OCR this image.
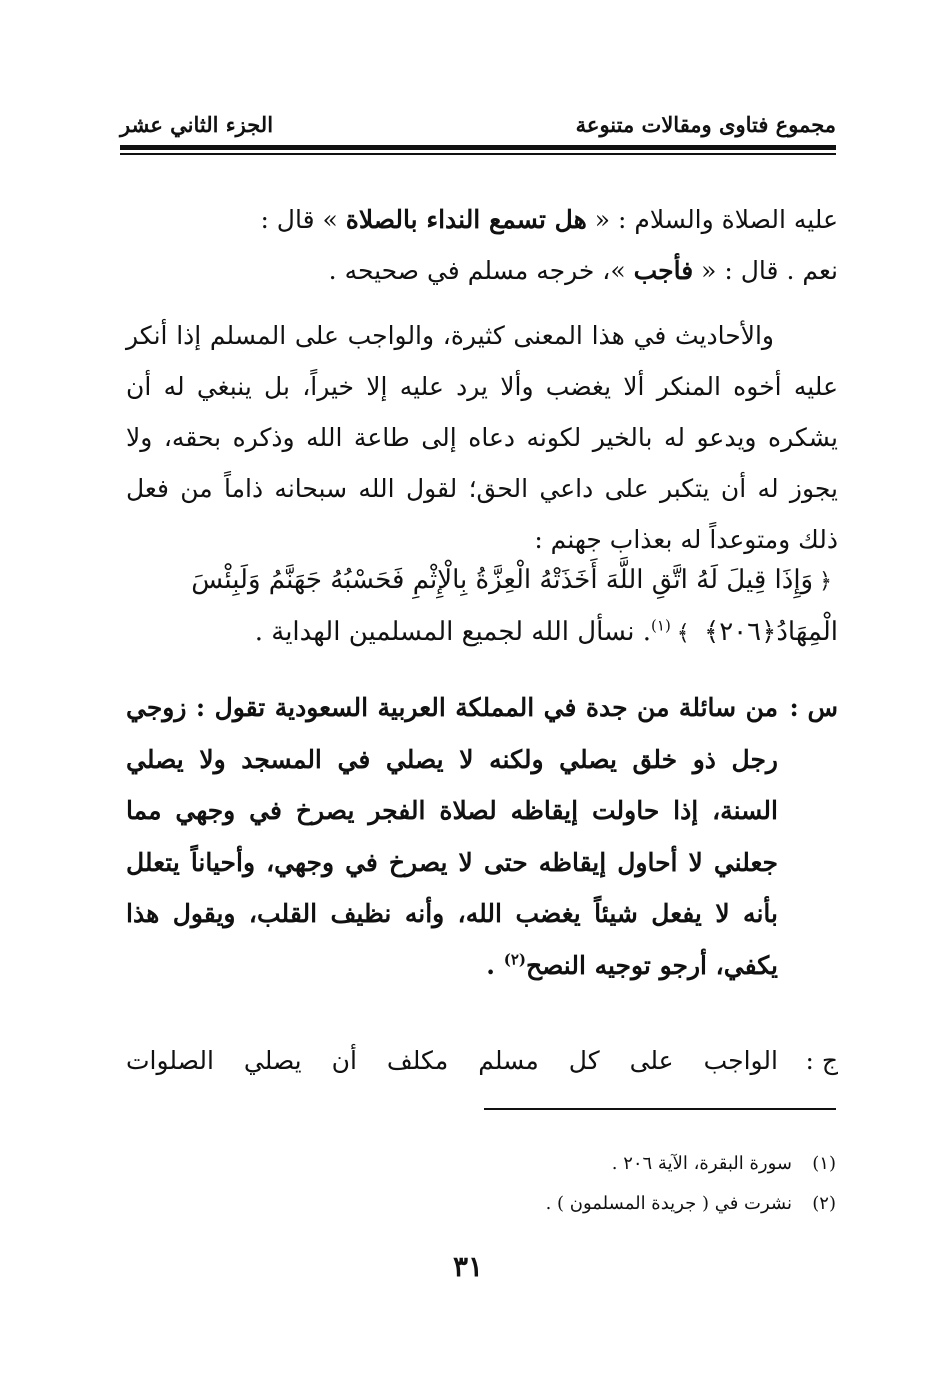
مجموع فتاوى ومقالات متنوعة
الجزء الثاني عشر

عليه الصلاة والسلام : « هل تسمع النداء بالصلاة » قال :

نعم . قال : « فأجب »، خرجه مسلم في صحيحه .

والأحاديث في هذا المعنى كثيرة، والواجب على المسلم إذا أنكر عليه أخوه المنكر ألا يغضب وألا يرد عليه إلا خيراً، بل ينبغي له أن يشكره ويدعو له بالخير لكونه دعاه إلى طاعة الله وذكره بحقه، ولا يجوز له أن يتكبر على داعي الحق؛ لقول الله سبحانه ذاماً من فعل ذلك ومتوعداً له بعذاب جهنم :

﴿وَإِذَا قِيلَ لَهُ اتَّقِ اللَّهَ أَخَذَتْهُ الْعِزَّةُ بِالْإِثْمِ فَحَسْبُهُ جَهَنَّمُ وَلَبِئْسَ
الْمِهَادُ﴿٢٠٦﴾ ﴾$^{(١)}$. نسأل الله لجميع المسلمين الهداية .
س :
من سائلة من جدة في المملكة العربية السعودية تقول : زوجي رجل ذو خلق يصلي ولكنه لا يصلي في المسجد ولا يصلي السنة، إذا حاولت إيقاظه لصلاة الفجر يصرخ في وجهي مما جعلني لا أحاول إيقاظه حتى لا يصرخ في وجهي، وأحياناً يتعلل بأنه لا يفعل شيئاً يغضب الله، وأنه نظيف القلب، ويقول هذا يكفي، أرجو توجيه النصح$^{(٢)}$ .
ج :
الواجب على كل مسلم مكلف أن يصلي الصلوات
(١)سورة البقرة، الآية ٢٠٦ .
(٢)نشرت في ( جريدة المسلمون ) .
٣١
